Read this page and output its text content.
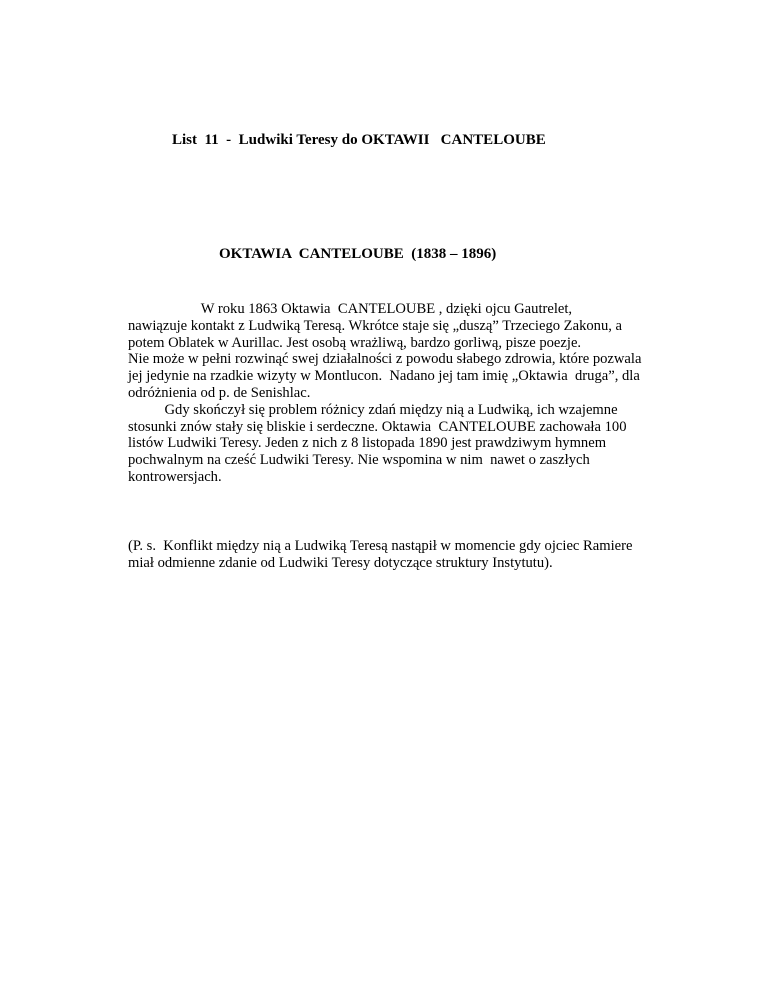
List  11  -  Ludwiki Teresy do OKTAWII   CANTELOUBE

OKTAWIA  CANTELOUBE  (1838 – 1896)

W roku 1863 Oktawia  CANTELOUBE , dzięki ojcu Gautrelet,
nawiązuje kontakt z Ludwiką Teresą. Wkrótce staje się „duszą” Trzeciego Zakonu, a
potem Oblatek w Aurillac. Jest osobą wrażliwą, bardzo gorliwą, pisze poezje.
Nie może w pełni rozwinąć swej działalności z powodu słabego zdrowia, które pozwala
jej jedynie na rzadkie wizyty w Montlucon.  Nadano jej tam imię „Oktawia  druga”, dla
odróżnienia od p. de Senishlac.
Gdy skończył się problem różnicy zdań między nią a Ludwiką, ich wzajemne
stosunki znów stały się bliskie i serdeczne. Oktawia  CANTELOUBE zachowała 100
listów Ludwiki Teresy. Jeden z nich z 8 listopada 1890 jest prawdziwym hymnem
pochwalnym na cześć Ludwiki Teresy. Nie wspomina w nim  nawet o zaszłych
kontrowersjach.
(P. s.  Konflikt między nią a Ludwiką Teresą nastąpił w momencie gdy ojciec Ramiere
miał odmienne zdanie od Ludwiki Teresy dotyczące struktury Instytutu).
